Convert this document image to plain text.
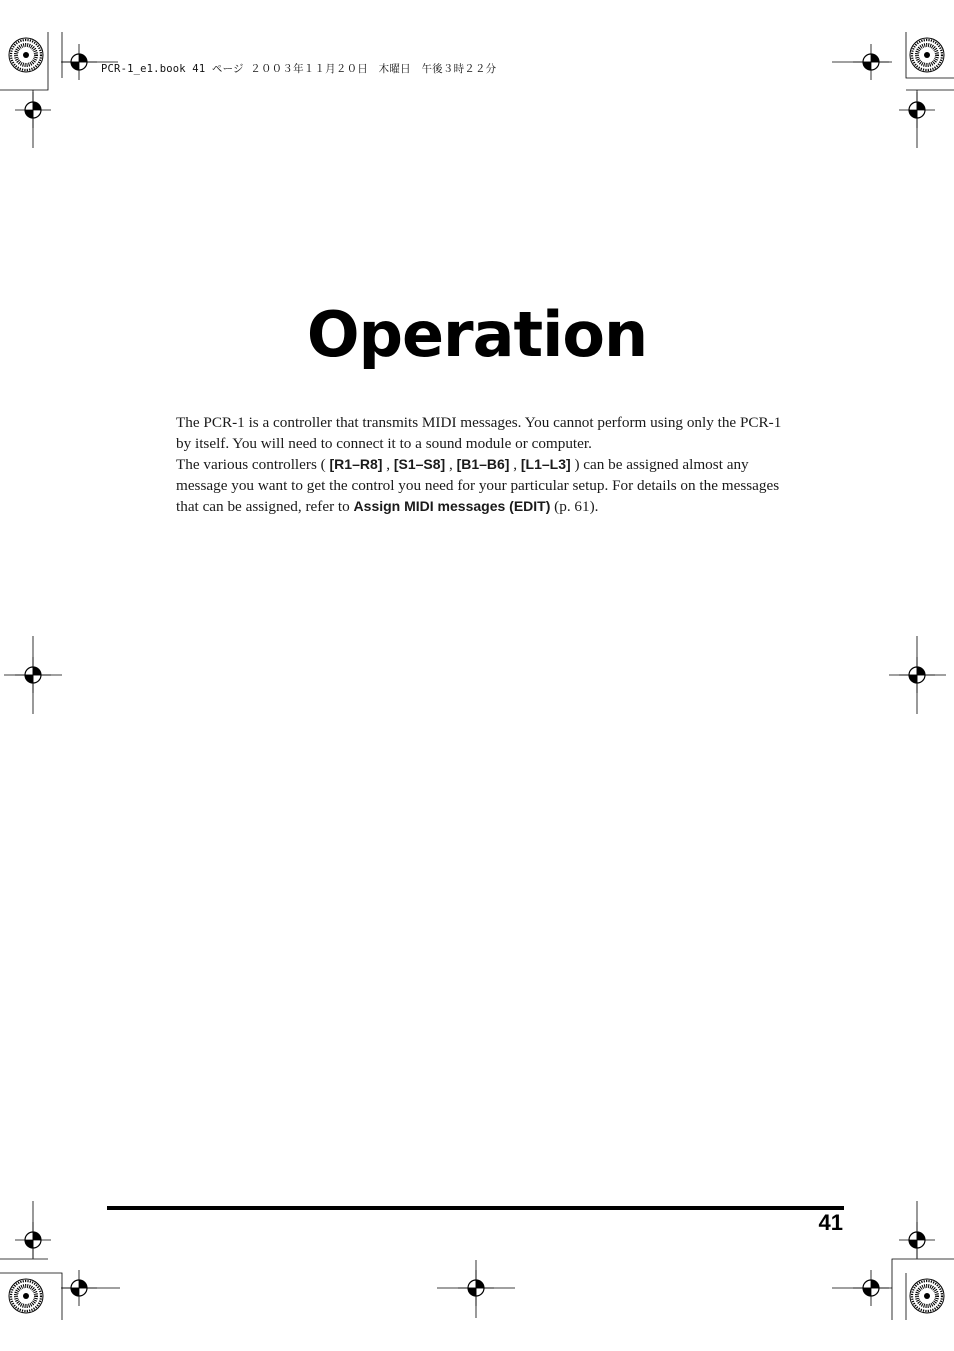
PCR-1_e1.book 41 ページ ２００３年１１月２０日　木曜日　午後３時２２分
Operation

The PCR-1 is a controller that transmits MIDI messages. You cannot perform using only the PCR-1 by itself. You will need to connect it to a sound module or computer.

The various controllers ( [R1–R8] , [S1–S8] , [B1–B6] , [L1–L3] ) can be assigned almost any message you want to get the control you need for your particular setup. For details on the messages that can be assigned, refer to Assign MIDI messages (EDIT) (p. 61).

41
